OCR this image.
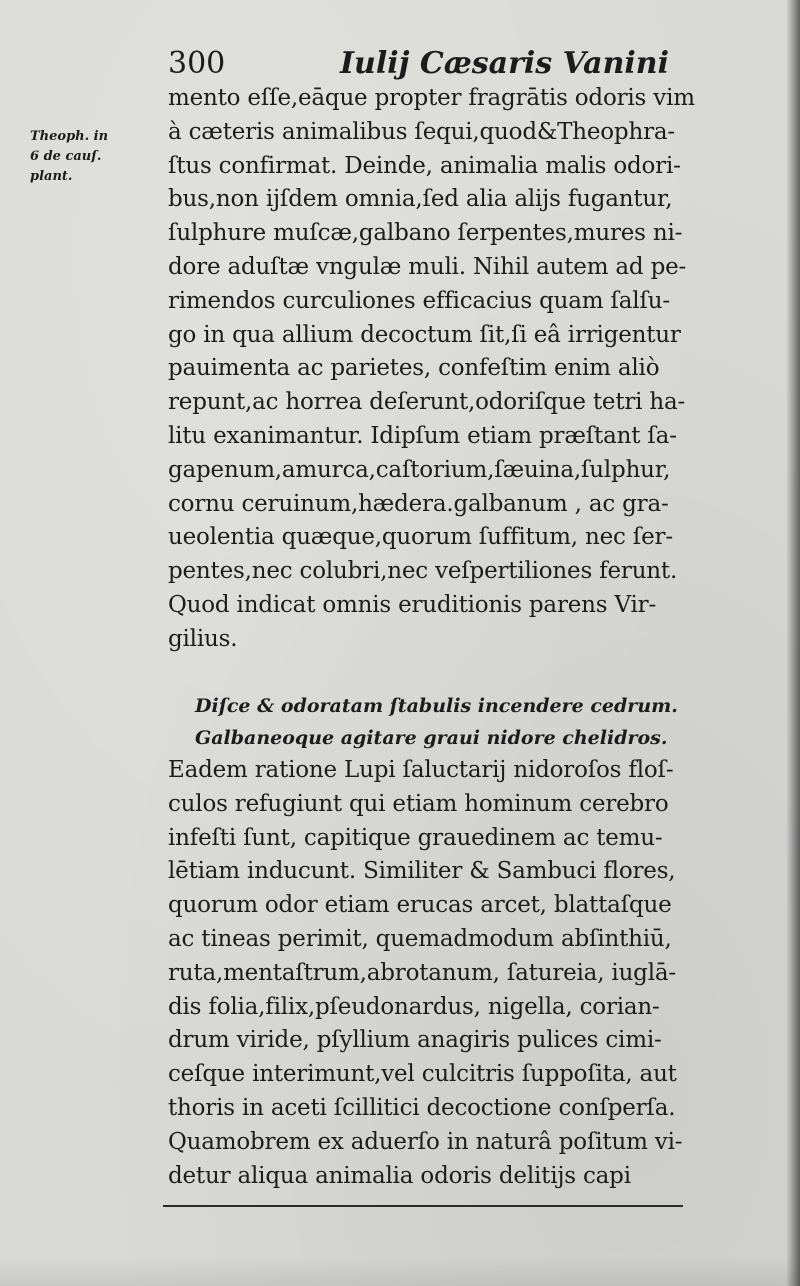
300	Iulij Cæsaris Vanini
Theoph. in
6 de cauſ.
plant.
mento eſſe,eāque propter fragrātis odoris vim
à cæteris animalibus ſequi,quod&Theophra-
ſtus confirmat. Deinde, animalia malis odori-
bus,non ijſdem omnia,ſed alia alijs fugantur,
ſulphure muſcæ,galbano ſerpentes,mures ni-
dore aduſtæ vngulæ muli. Nihil autem ad pe-
rimendos curculiones efficacius quam ſalſu-
go in qua allium decoctum ſit,ſi eâ irrigentur
pauimenta ac parietes, confeſtim enim aliò
repunt,ac horrea deſerunt,odoriſque tetri ha-
litu exanimantur. Idipſum etiam præſtant ſa-
gapenum,amurca,caſtorium,ſæuina,ſulphur,
cornu ceruinum,hædera.galbanum , ac gra-
ueolentia quæque,quorum ſuffitum, nec ſer-
pentes,nec colubri,nec veſpertiliones ferunt.
Quod indicat omnis eruditionis parens Vir-
gilius.
Diſce & odoratam ſtabulis incendere cedrum.
Galbaneoque agitare graui nidore chelidros.
Eadem ratione Lupi ſaluctarij nidoroſos floſ-
culos refugiunt qui etiam hominum cerebro
infeſti ſunt, capitique grauedinem ac temu-
lētiam inducunt. Similiter & Sambuci flores,
quorum odor etiam erucas arcet, blattaſque
ac tineas perimit, quemadmodum abſinthiū,
ruta,mentaſtrum,abrotanum, ſatureia, iuglā-
dis folia,filix,pſeudonardus, nigella, corian-
drum viride, pſyllium anagiris pulices cimi-
ceſque interimunt,vel culcitris ſuppoſita, aut
thoris in aceti ſcillitici decoctione conſperſa.
Quamobrem ex aduerſo in naturâ poſitum vi-
detur aliqua animalia odoris delitijs capi
